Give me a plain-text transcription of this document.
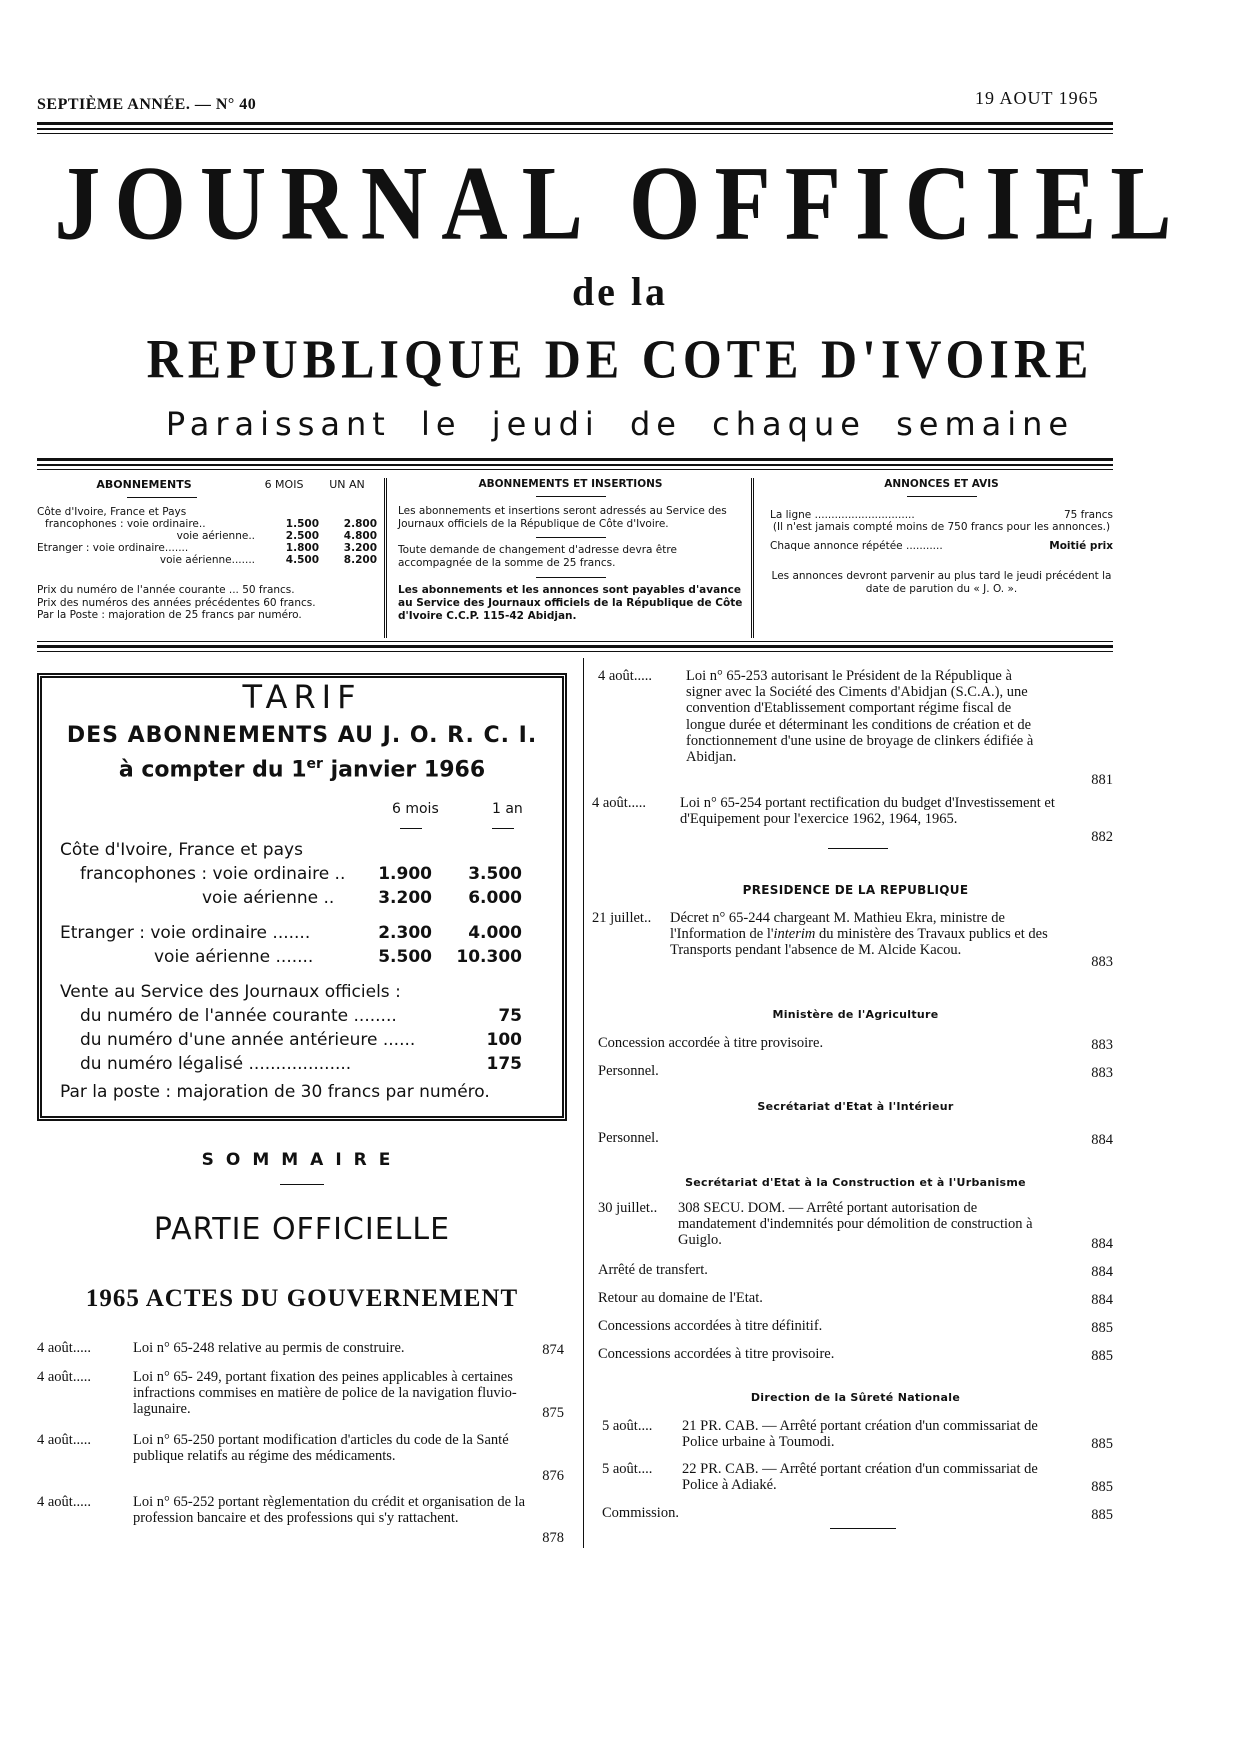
SEPTIÈME ANNÉE. — N° 40	19 AOUT 1965
JOURNAL OFFICIEL
de la
REPUBLIQUE DE COTE D'IVOIRE
Paraissant le jeudi de chaque semaine
ABONNEMENTS	6 MOIS	UN AN
Côte d'Ivoire, France et Pays
francophones : voie ordinaire..	1.500	2.800
voie aérienne..	2.500	4.800
Etranger : voie ordinaire.......	1.800	3.200
voie aérienne.......	4.500	8.200
Prix du numéro de l'année courante ... 50 francs.
Prix des numéros des années précédentes 60 francs.
Par la Poste : majoration de 25 francs par numéro.
ABONNEMENTS ET INSERTIONS

Les abonnements et insertions seront adressés au Service des Journaux officiels de la République de Côte d'Ivoire.

Toute demande de changement d'adresse devra être accompagnée de la somme de 25 francs.

Les abonnements et les annonces sont payables d'avance au Service des Journaux officiels de la République de Côte d'Ivoire C.C.P. 115-42 Abidjan.

ANNONCES ET AVIS
La ligne ..............................	75 francs

(Il n'est jamais compté moins de 750 francs pour les annonces.)

Chaque annonce répétée ...........	Moitié prix

Les annonces devront parvenir au plus tard le jeudi précédent la date de parution du « J. O. ».

TARIF
DES ABONNEMENTS AU J. O. R. C. I.
à compter du 1er janvier 1966
6 mois	1 an
Côte d'Ivoire, France et pays
francophones : voie ordinaire ..	1.900	3.500
voie aérienne ..	3.200	6.000
Etranger : voie ordinaire .......	2.300	4.000
voie aérienne .......	5.500	10.300
Vente au Service des Journaux officiels :
du numéro de l'année courante ........	75
du numéro d'une année antérieure ......	100
du numéro légalisé ...................	175
Par la poste : majoration de 30 francs par numéro.
SOMMAIRE
PARTIE OFFICIELLE
1965 ACTES DU GOUVERNEMENT
4 août.....	Loi n° 65-248 relative au permis de construire.	874
4 août.....	Loi n° 65- 249, portant fixation des peines applicables à certaines infractions commises en matière de police de la navigation fluvio-lagunaire.	875
4 août.....	Loi n° 65-250 portant modification d'articles du code de la Santé publique relatifs au régime des médicaments.
876
4 août.....	Loi n° 65-252 portant règlementation du crédit et organisation de la profession bancaire et des professions qui s'y rattachent.
878
4 août..... Loi n° 65-253 autorisant le Président de la République à signer avec la Société des Ciments d'Abidjan (S.C.A.), une convention d'Etablissement comportant régime fiscal de longue durée et déterminant les conditions de création et de fonctionnement d'une usine de broyage de clinkers édifiée à Abidjan.
881
4 août..... Loi n° 65-254 portant rectification du budget d'Investissement et d'Equipement pour l'exercice 1962, 1964, 1965.
882
PRESIDENCE DE LA REPUBLIQUE
21 juillet.. Décret n° 65-244 chargeant M. Mathieu Ekra, ministre de l'Information de l'interim du ministère des Travaux publics et des Transports pendant l'absence de M. Alcide Kacou.
883
Ministère de l'Agriculture
Concession accordée à titre provisoire.	883
Personnel.	883
Secrétariat d'Etat à l'Intérieur
Personnel.	884
Secrétariat d'Etat à la Construction et à l'Urbanisme
30 juillet.. 308 SECU. DOM. — Arrêté portant autorisation de mandatement d'indemnités pour démolition de construction à Guiglo.	884
Arrêté de transfert.	884
Retour au domaine de l'Etat.	884
Concessions accordées à titre définitif.	885
Concessions accordées à titre provisoire.	885
Direction de la Sûreté Nationale
5 août.... 21 PR. CAB. — Arrêté portant création d'un commissariat de Police urbaine à Toumodi.	885
5 août.... 22 PR. CAB. — Arrêté portant création d'un commissariat de Police à Adiaké.	885
Commission.	885
